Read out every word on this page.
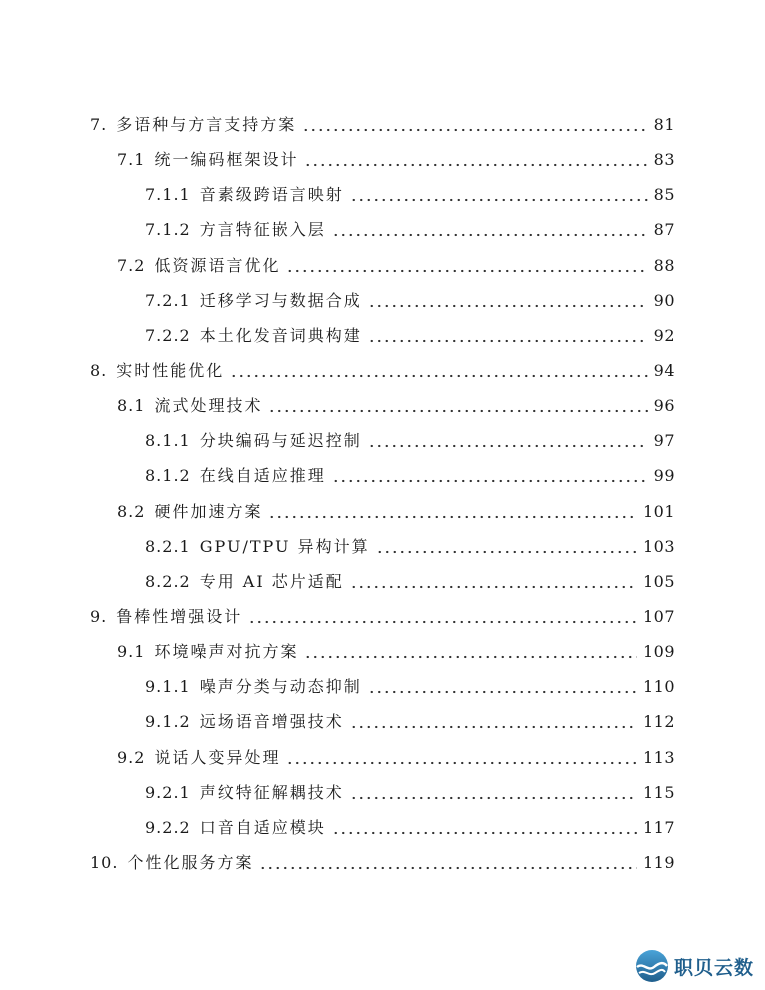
7. 多语种与方言支持方案	81
7.1 统一编码框架设计	83
7.1.1 音素级跨语言映射	85
7.1.2 方言特征嵌入层	87
7.2 低资源语言优化	88
7.2.1 迁移学习与数据合成	90
7.2.2 本土化发音词典构建	92
8. 实时性能优化	94
8.1 流式处理技术	96
8.1.1 分块编码与延迟控制	97
8.1.2 在线自适应推理	99
8.2 硬件加速方案	101
8.2.1 GPU/TPU 异构计算	103
8.2.2 专用 AI 芯片适配	105
9. 鲁棒性增强设计	107
9.1 环境噪声对抗方案	109
9.1.1 噪声分类与动态抑制	110
9.1.2 远场语音增强技术	112
9.2 说话人变异处理	113
9.2.1 声纹特征解耦技术	115
9.2.2 口音自适应模块	117
10. 个性化服务方案	119
职贝云数
